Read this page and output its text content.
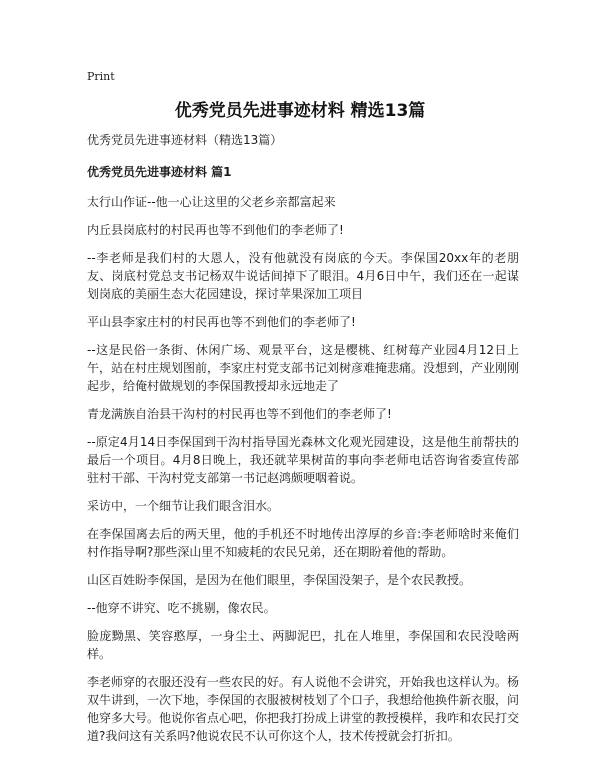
Print
优秀党员先进事迹材料 精选13篇

优秀党员先进事迹材料（精选13篇）

优秀党员先进事迹材料 篇1

太行山作证--他一心让这里的父老乡亲都富起来

内丘县岗底村的村民再也等不到他们的李老师了!

--李老师是我们村的大恩人，没有他就没有岗底的今天。李保国20xx年的老朋友、岗底村党总支书记杨双牛说话间掉下了眼泪。4月6日中午，我们还在一起谋划岗底的美丽生态大花园建设，探讨苹果深加工项目

平山县李家庄村的村民再也等不到他们的李老师了!

--这是民俗一条街、休闲广场、观景平台，这是樱桃、红树莓产业园4月12日上午，站在村庄规划图前，李家庄村党支部书记刘树彦难掩悲痛。没想到，产业刚刚起步，给俺村做规划的李保国教授却永远地走了

青龙满族自治县干沟村的村民再也等不到他们的李老师了!

--原定4月14日李保国到干沟村指导国光森林文化观光园建设，这是他生前帮扶的最后一个项目。4月8日晚上，我还就苹果树苗的事向李老师电话咨询省委宣传部驻村干部、干沟村党支部第一书记赵鸿颇哽咽着说。

采访中，一个细节让我们眼含泪水。

在李保国离去后的两天里，他的手机还不时地传出淳厚的乡音:李老师啥时来俺们村作指导啊?那些深山里不知疲耗的农民兄弟，还在期盼着他的帮助。

山区百姓盼李保国，是因为在他们眼里，李保国没架子，是个农民教授。

--他穿不讲究、吃不挑剔，像农民。

脸庞黝黑、笑容憨厚，一身尘土、两脚泥巴，扎在人堆里，李保国和农民没啥两样。

李老师穿的衣服还没有一些农民的好。有人说他不会讲究，开始我也这样认为。杨双牛讲到，一次下地，李保国的衣服被树枝划了个口子，我想给他换件新衣服，问他穿多大号。他说你省点心吧，你把我打扮成上讲堂的教授模样，我咋和农民打交道?我问这有关系吗?他说农民不认可你这个人，技术传授就会打折扣。
